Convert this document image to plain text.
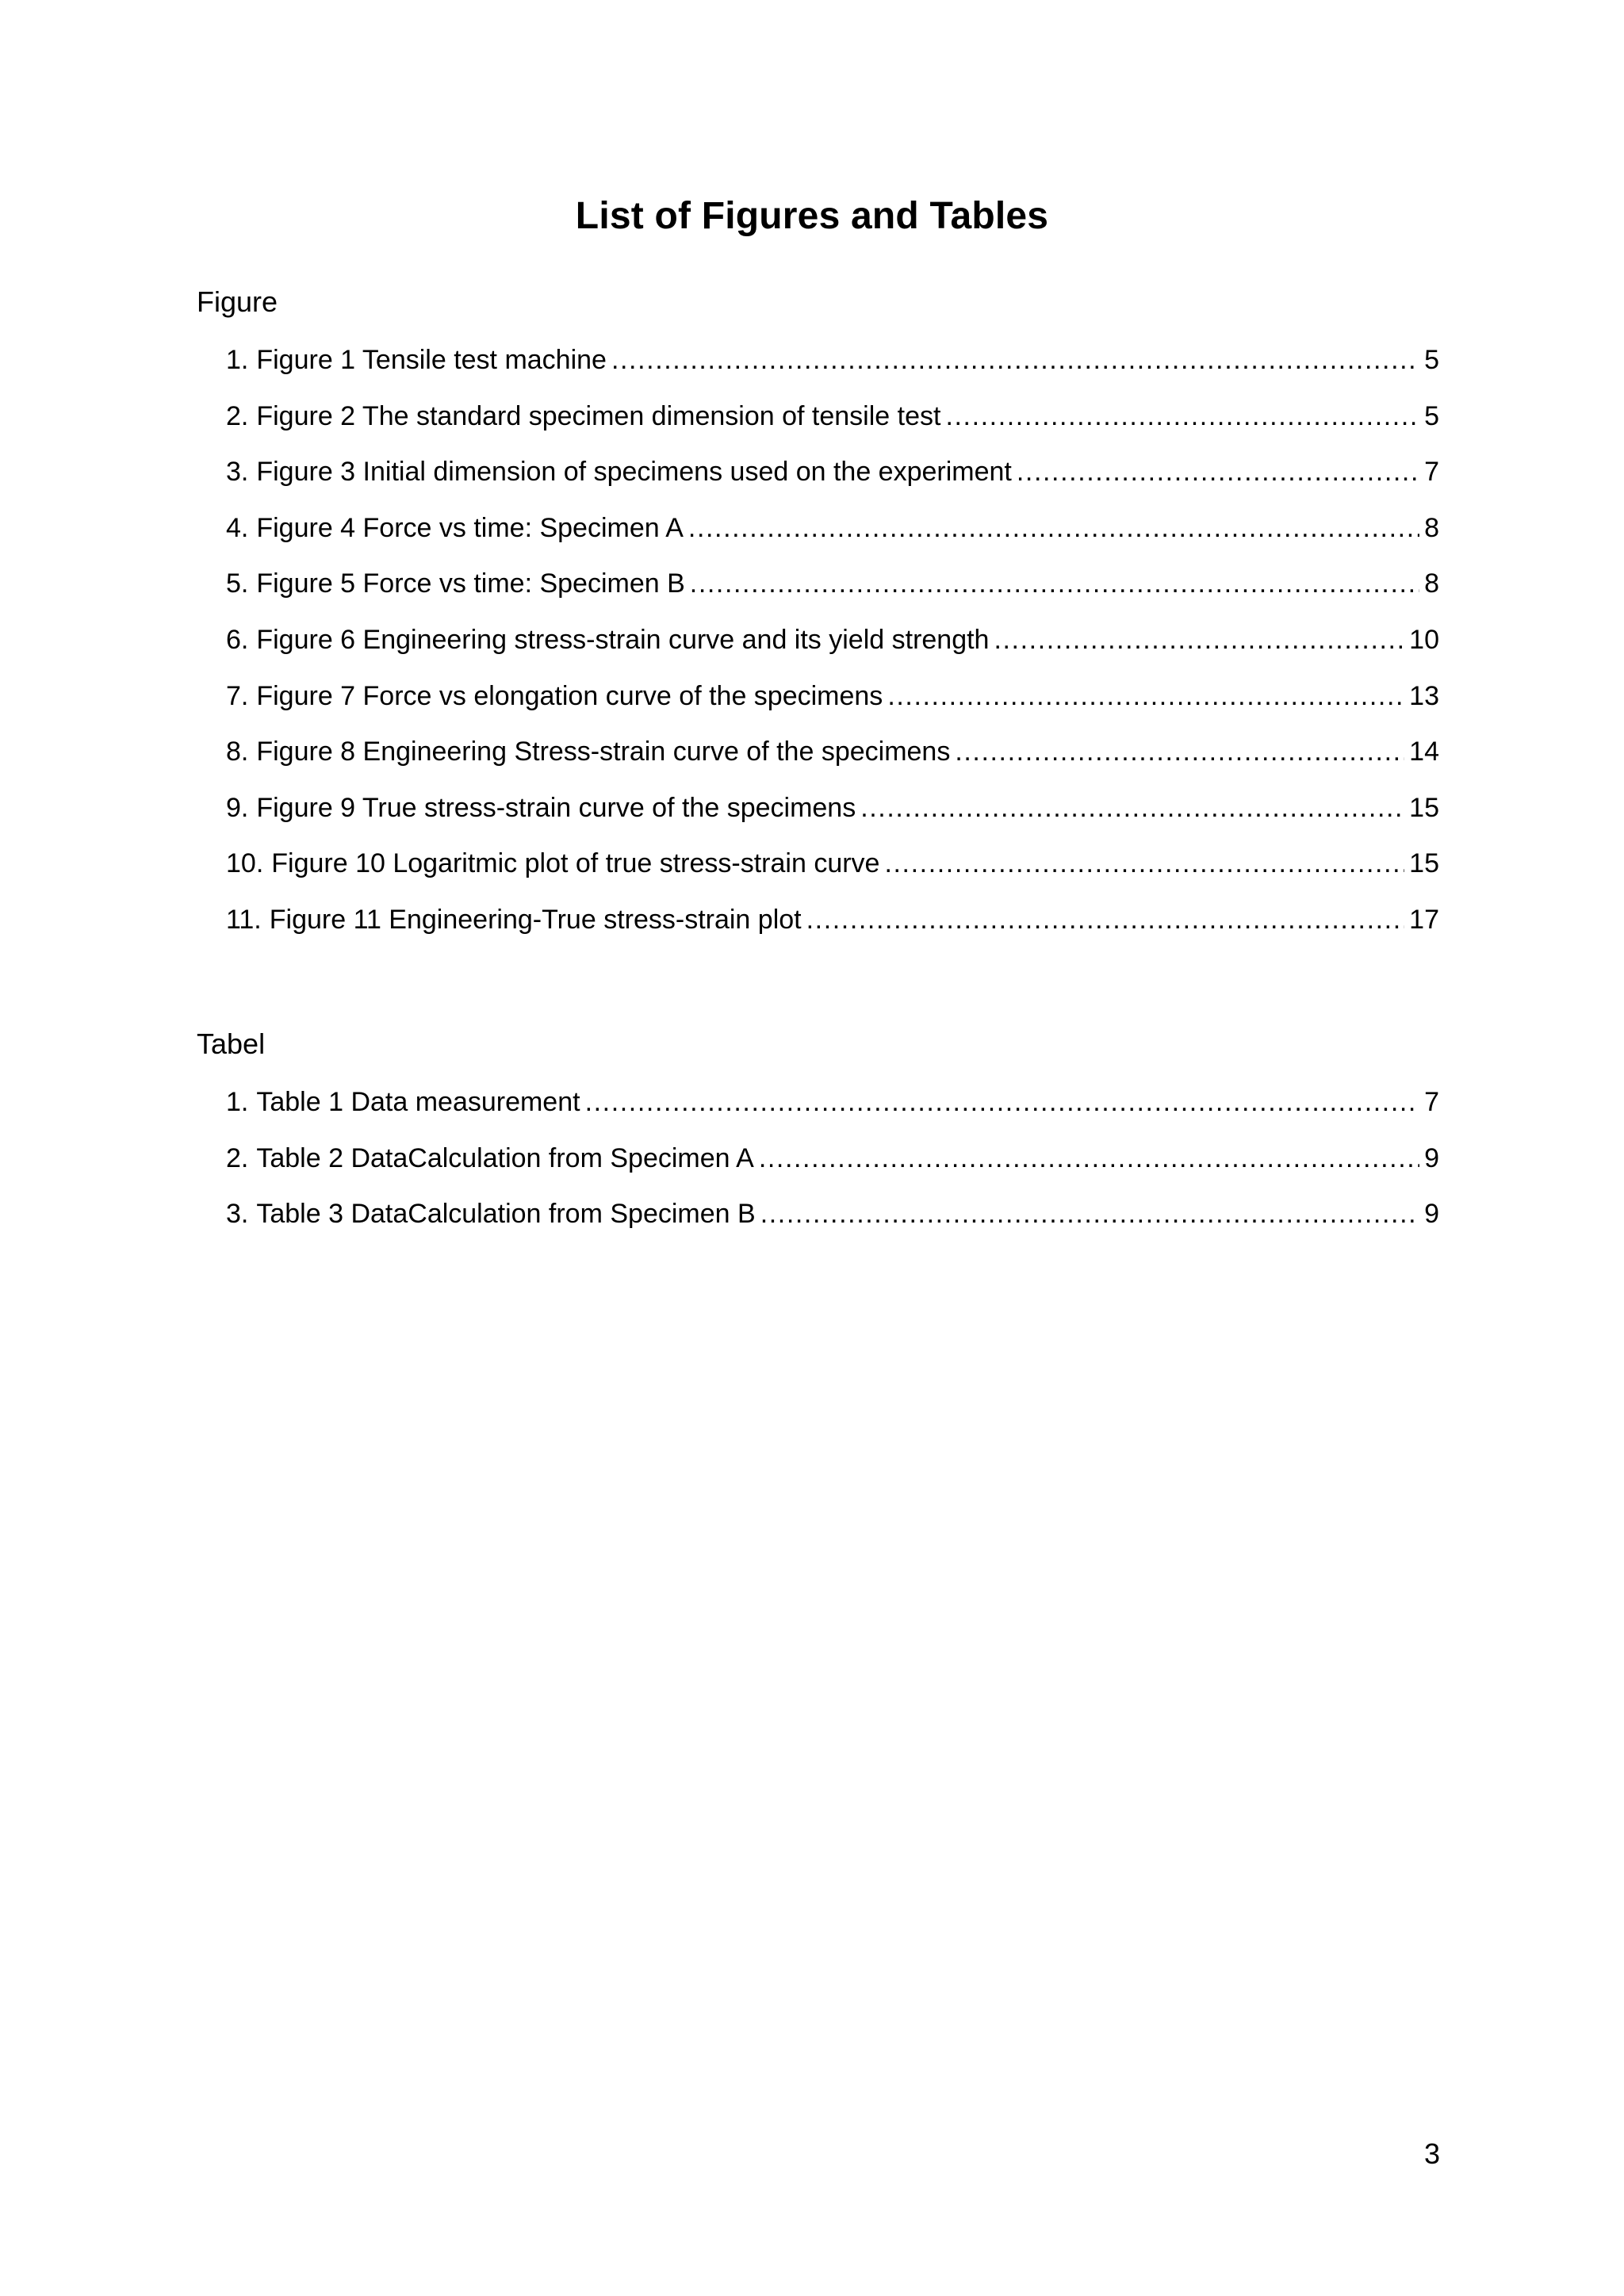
List of Figures and Tables
Figure
1. Figure 1 Tensile test machine .....	5
2. Figure 2 The standard specimen dimension of tensile test .....	5
3. Figure 3 Initial dimension of specimens used on the experiment .....	7
4. Figure 4 Force vs time: Specimen A .....	8
5. Figure 5 Force vs time: Specimen B .....	8
6. Figure 6 Engineering stress-strain curve and its yield strength .....	10
7. Figure 7 Force vs elongation curve of the specimens .....	13
8. Figure 8 Engineering Stress-strain curve of the specimens .....	14
9. Figure 9 True stress-strain curve of the specimens .....	15
10. Figure 10 Logaritmic plot of true stress-strain curve .....	15
11. Figure 11 Engineering-True stress-strain plot .....	17
Tabel
1. Table 1 Data measurement .....	7
2. Table 2 DataCalculation from Specimen A .....	9
3. Table 3 DataCalculation from Specimen B .....	9
3
